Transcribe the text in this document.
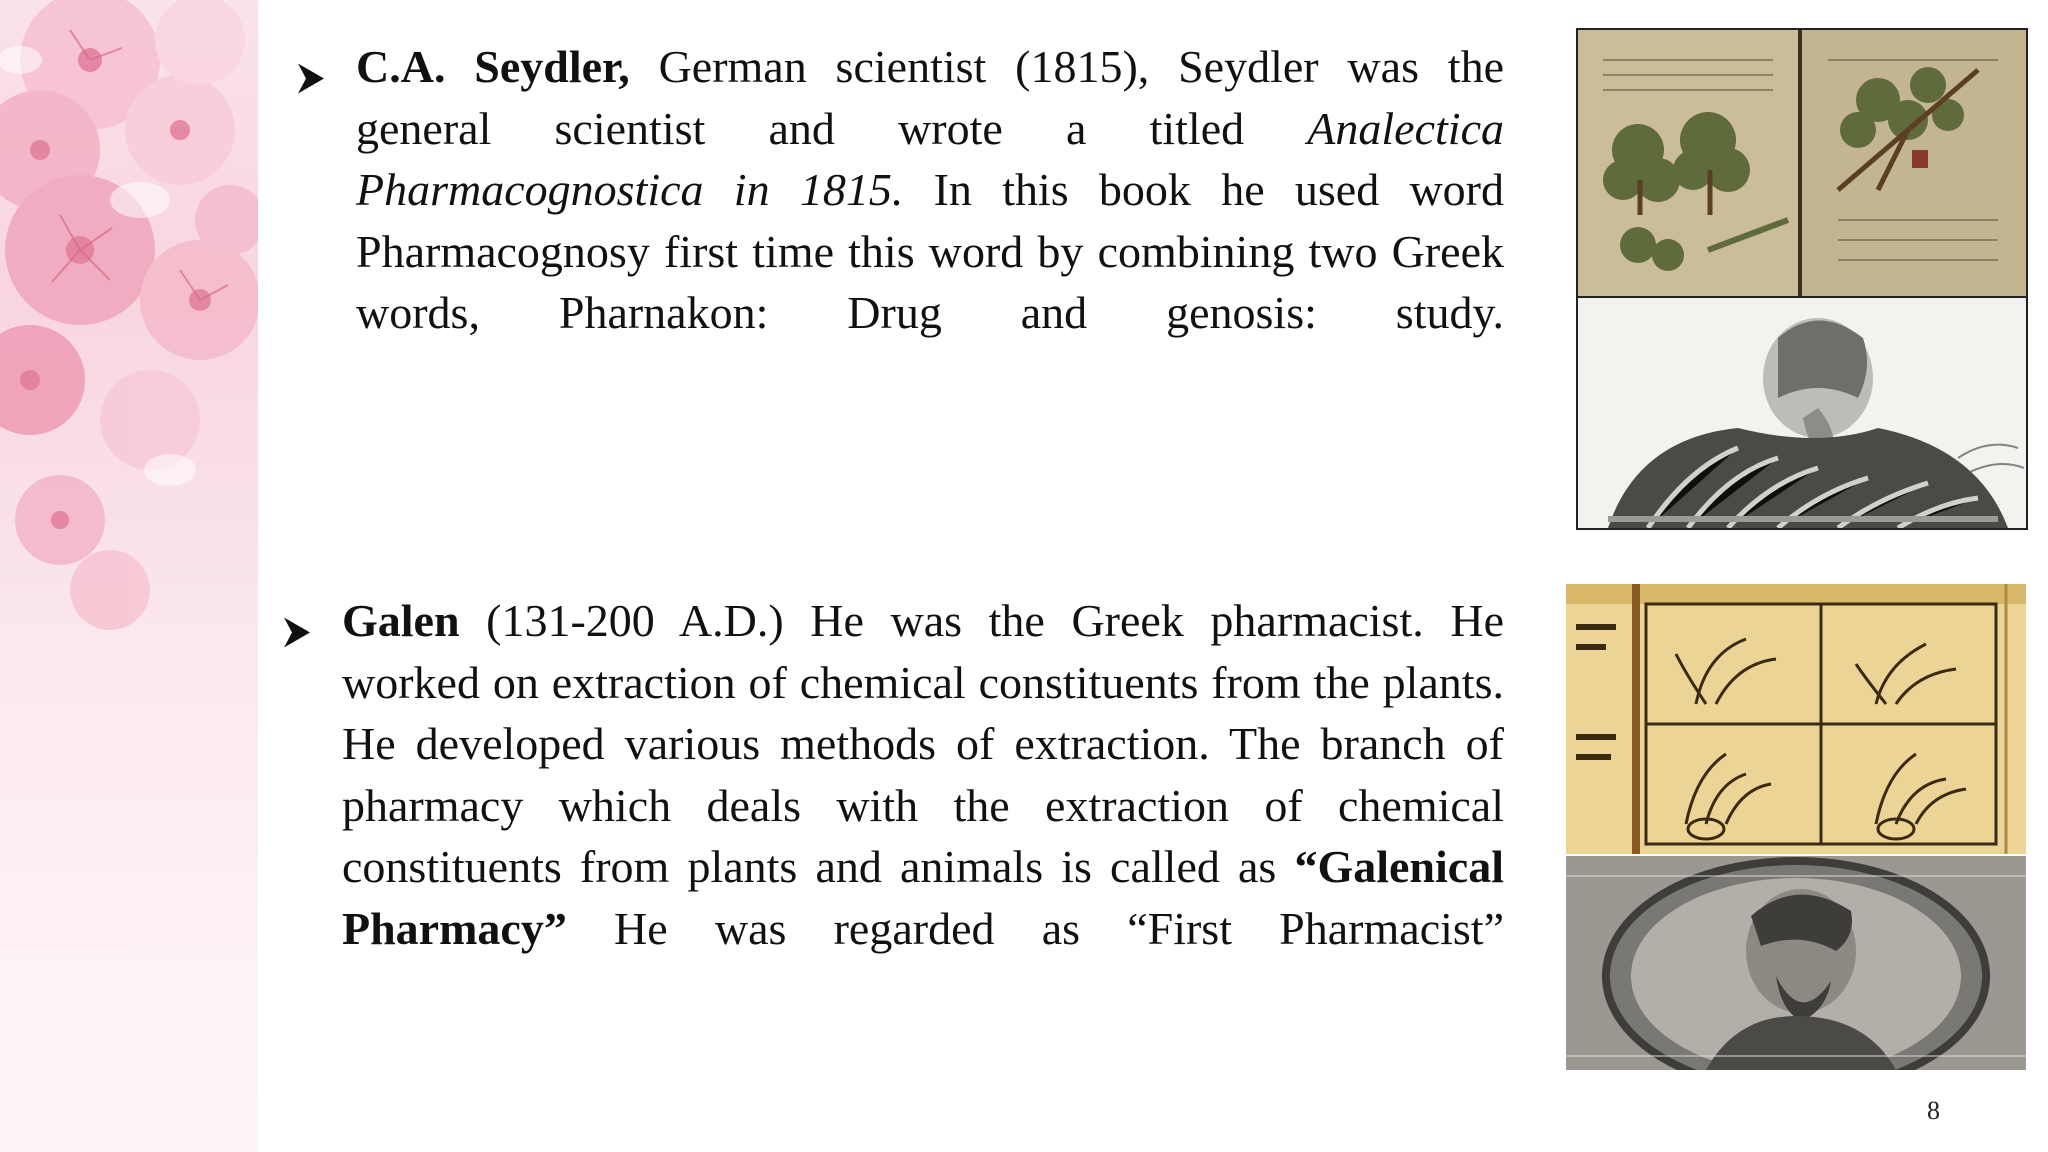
C.A. Seydler, German scientist (1815), Seydler was the general scientist and wrote a titled Analectica Pharmacognostica in 1815. In this book he used word Pharmacognosy first time this word by combining two Greek words, Pharnakon: Drug and genosis: study.
Galen (131-200 A.D.) He was the Greek pharmacist. He worked on extraction of chemical constituents from the plants. He developed various methods of extraction. The branch of pharmacy which deals with the extraction of chemical constituents from plants and animals is called as “Galenical Pharmacy” He was regarded as “First Pharmacist”
8
